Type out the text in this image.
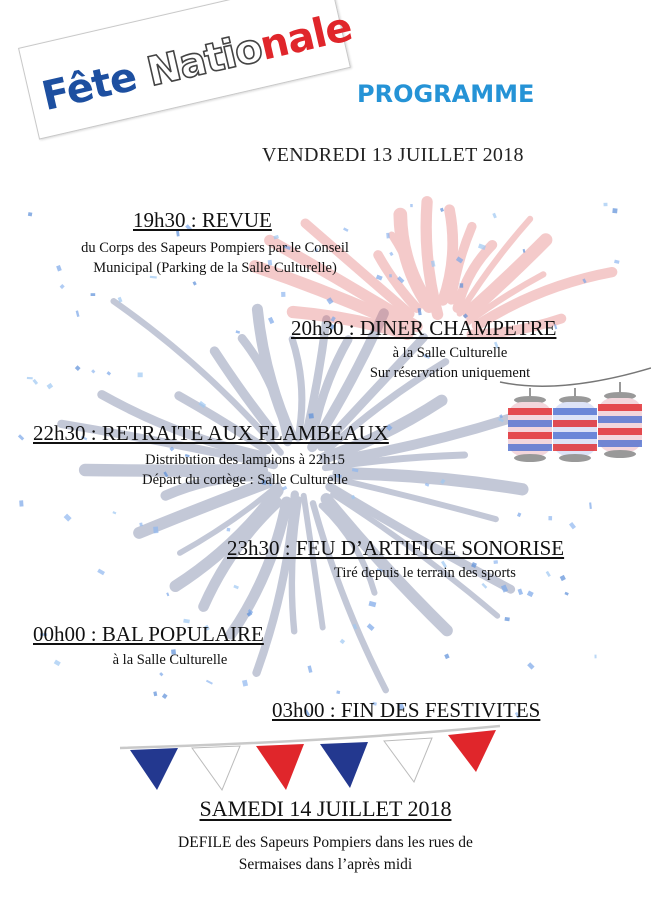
Fête Nationale
PROGRAMME
VENDREDI 13 JUILLET 2018
19h30 : REVUE
du Corps des Sapeurs Pompiers par le Conseil
Municipal (Parking de la Salle Culturelle)
20h30 : DINER CHAMPETRE
à la Salle Culturelle
Sur réservation uniquement
22h30 : RETRAITE AUX FLAMBEAUX
Distribution des lampions à 22h15
Départ du cortège : Salle Culturelle
23h30 : FEU D’ARTIFICE SONORISE
Tiré depuis le terrain des sports
00h00 : BAL POPULAIRE
à la Salle Culturelle
03h00 : FIN DES FESTIVITES
SAMEDI 14 JUILLET 2018
DEFILE des Sapeurs Pompiers dans les rues de
Sermaises dans l’après midi
